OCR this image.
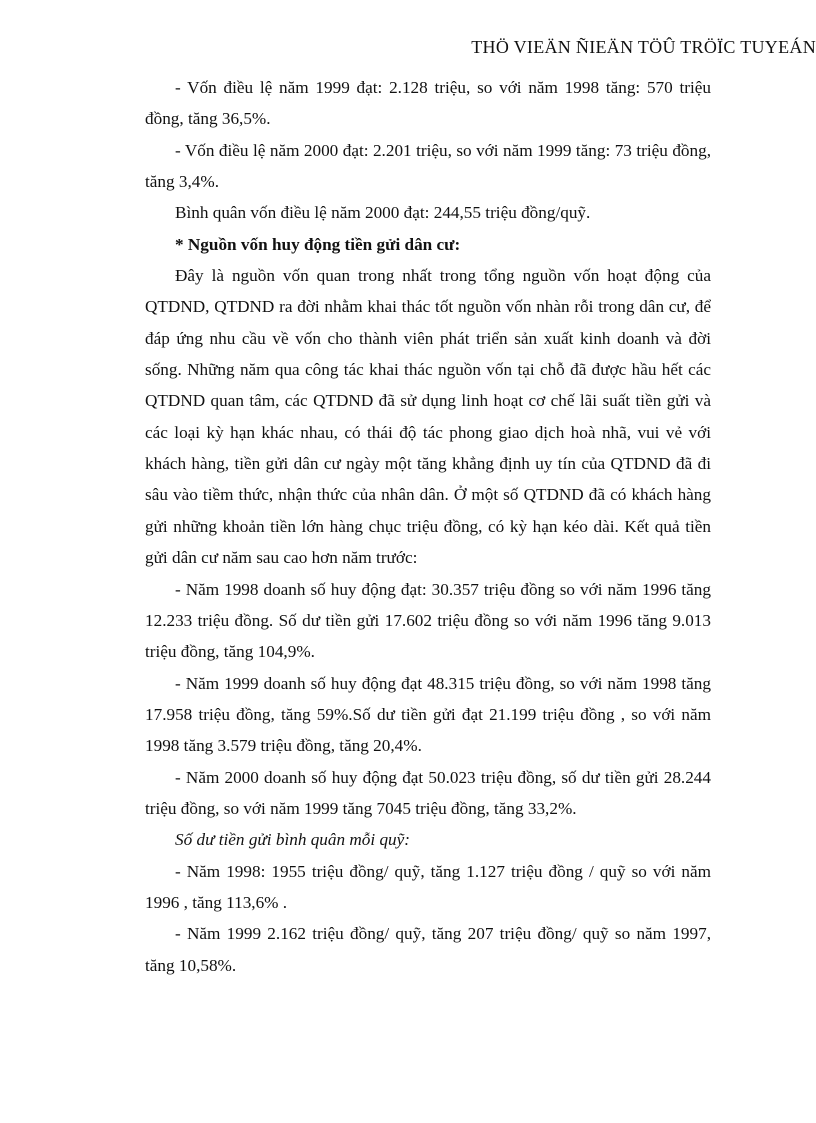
THÖ VIEÄN ÑIEÄN TÖÛ TRÖÏC TUYEÁN

- Vốn điều lệ năm 1999 đạt: 2.128 triệu, so với năm 1998 tăng: 570 triệu đồng, tăng 36,5%.

- Vốn điều lệ năm 2000 đạt: 2.201 triệu, so với năm 1999 tăng: 73 triệu đồng, tăng 3,4%.

Bình quân vốn điều lệ năm 2000 đạt: 244,55 triệu đồng/quỹ.

* Nguồn vốn huy động tiền gửi dân cư:

Đây là nguồn vốn quan trong nhất trong tổng nguồn vốn hoạt động của QTDND, QTDND ra đời nhằm khai thác tốt nguồn vốn nhàn rỗi trong dân cư, để đáp ứng nhu cầu về vốn cho thành viên phát triển sản xuất kinh doanh và đời sống. Những năm qua công tác khai thác nguồn vốn tại chỗ đã được hầu hết các QTDND quan tâm, các QTDND đã sử dụng linh hoạt cơ chế lãi suất tiền gửi và các loại kỳ hạn khác nhau, có thái độ tác phong giao dịch hoà nhã, vui vẻ với khách hàng, tiền gửi dân cư ngày một tăng khẳng định uy tín của QTDND đã đi sâu vào tiềm thức, nhận thức của nhân dân. Ở một số QTDND đã có khách hàng gửi những khoản tiền lớn hàng chục triệu đồng, có kỳ hạn kéo dài. Kết quả tiền gửi dân cư năm sau cao hơn năm trước:

- Năm 1998 doanh số huy động đạt: 30.357 triệu đồng so với năm 1996 tăng 12.233 triệu đồng. Số dư tiền gửi 17.602 triệu đồng so với năm 1996 tăng 9.013 triệu đồng, tăng 104,9%.

- Năm 1999 doanh số huy động đạt 48.315 triệu đồng, so với năm 1998 tăng 17.958 triệu đồng, tăng 59%.Số dư tiền gửi đạt 21.199 triệu đồng , so với năm 1998 tăng 3.579 triệu đồng, tăng 20,4%.

- Năm 2000 doanh số huy động đạt 50.023 triệu đồng, số dư tiền gửi 28.244 triệu đồng, so với năm 1999 tăng 7045 triệu đồng, tăng 33,2%.

Số dư tiền gửi bình quân mỗi quỹ:

- Năm 1998: 1955 triệu đồng/ quỹ, tăng 1.127 triệu đồng / quỹ so với năm 1996 , tăng 113,6% .

- Năm 1999 2.162 triệu đồng/ quỹ, tăng 207 triệu đồng/ quỹ so năm 1997, tăng 10,58%.
